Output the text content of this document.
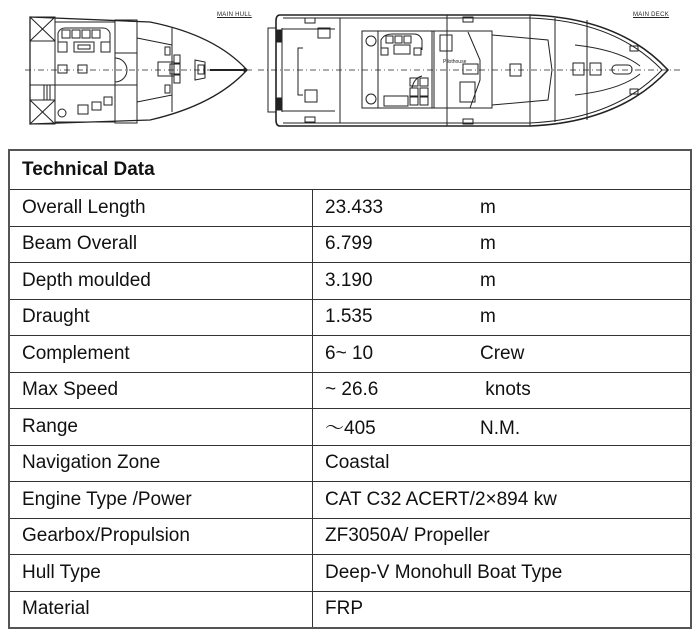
Pilothouse
MAIN HULL	MAIN DECK
Technical Data	
Overall Length	23.433 m
Beam Overall	6.799 m
Depth moulded	3.190 m
Draught	1.535 m
Complement	6~ 10 Crew
Max Speed	~ 26.6 knots
Range	～405 N.M.
Navigation Zone	Coastal
Engine Type /Power	CAT C32 ACERT/2×894 kw
Gearbox/Propulsion	ZF3050A/ Propeller
Hull Type	Deep-V Monohull Boat Type
Material	FRP
